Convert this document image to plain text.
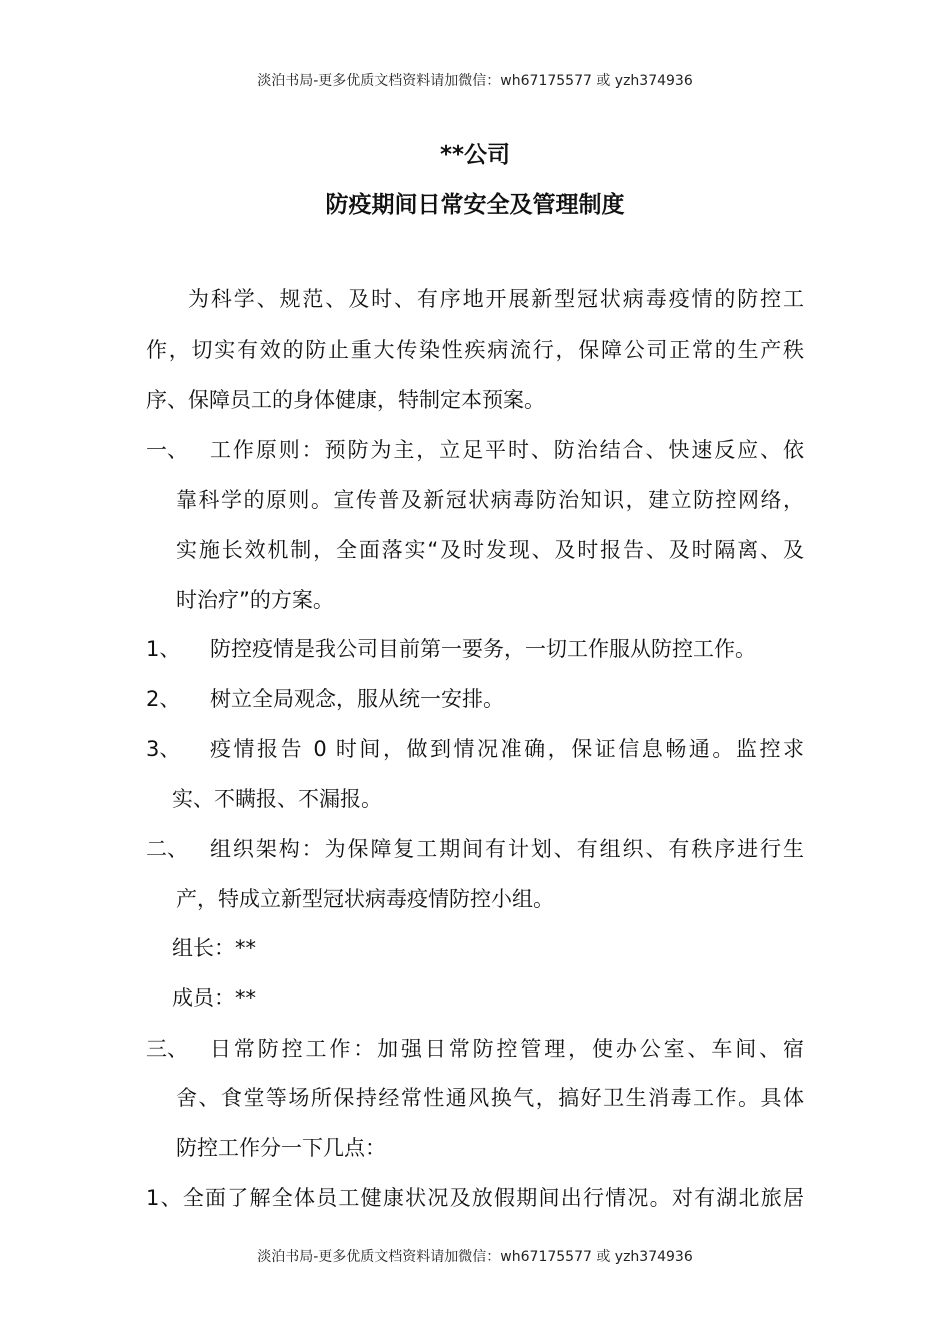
淡泊书局-更多优质文档资料请加微信：wh67175577 或 yzh374936
**公司
防疫期间日常安全及管理制度
为科学、规范、及时、有序地开展新型冠状病毒疫情的防控工
作，切实有效的防止重大传染性疾病流行，保障公司正常的生产秩
序、保障员工的身体健康，特制定本预案。
一、 工作原则：预防为主，立足平时、防治结合、快速反应、依
靠科学的原则。宣传普及新冠状病毒防治知识，建立防控网络，
实施长效机制，全面落实“及时发现、及时报告、及时隔离、及
时治疗”的方案。
1、 防控疫情是我公司目前第一要务，一切工作服从防控工作。
2、 树立全局观念，服从统一安排。
3、 疫情报告 0 时间，做到情况准确，保证信息畅通。监控求
实、不瞒报、不漏报。
二、 组织架构：为保障复工期间有计划、有组织、有秩序进行生
产，特成立新型冠状病毒疫情防控小组。
组长：**
成员：**
三、 日常防控工作：加强日常防控管理，使办公室、车间、宿
舍、食堂等场所保持经常性通风换气，搞好卫生消毒工作。具体
防控工作分一下几点：
1、全面了解全体员工健康状况及放假期间出行情况。对有湖北旅居
淡泊书局-更多优质文档资料请加微信：wh67175577 或 yzh374936
